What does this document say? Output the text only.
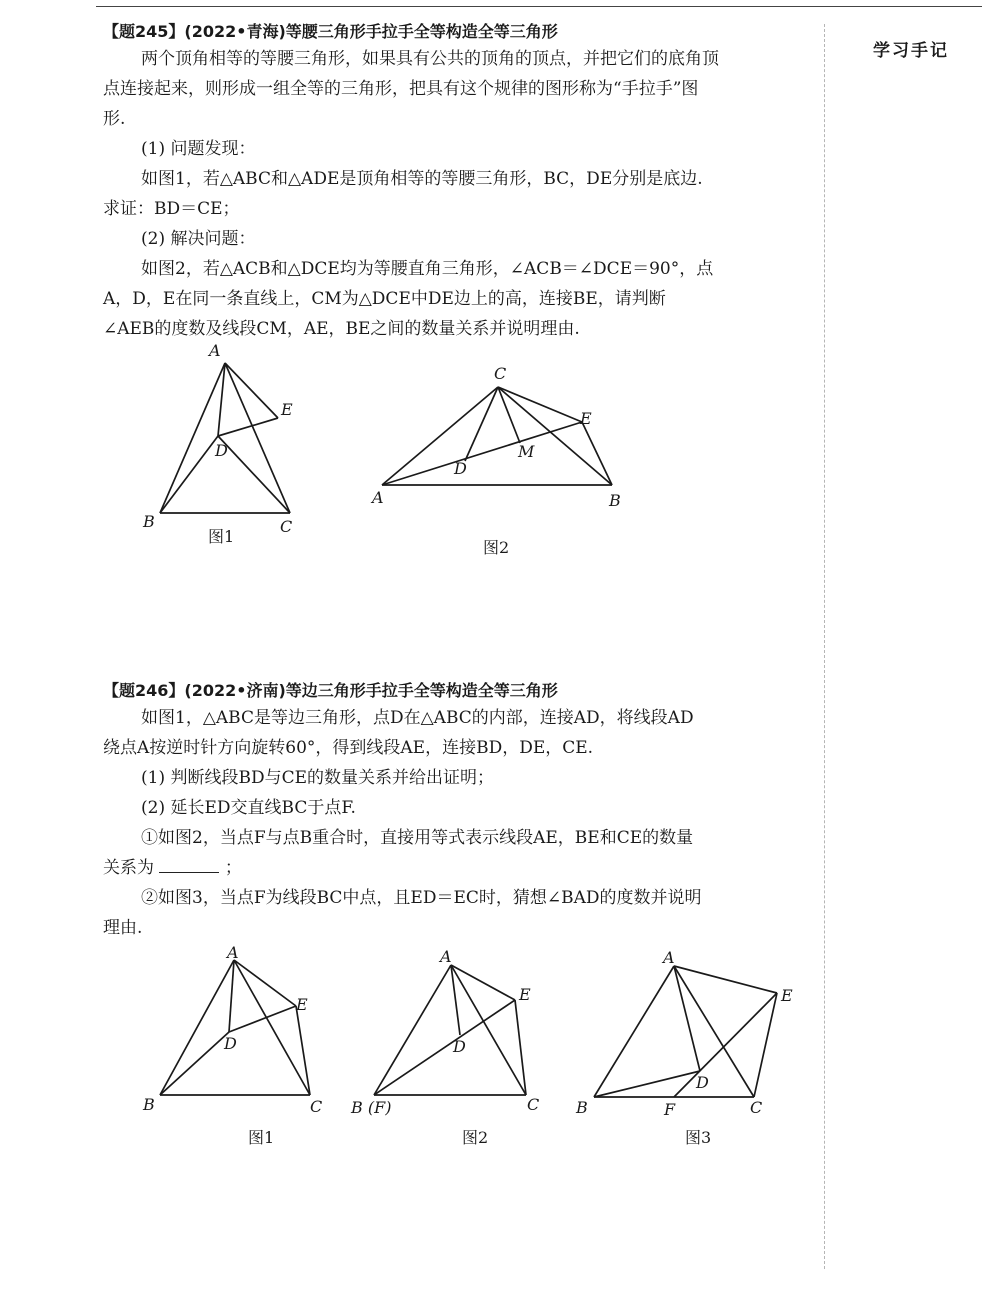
学习手记
【题245】(2022•青海)等腰三角形手拉手全等构造全等三角形
两个顶角相等的等腰三角形，如果具有公共的顶角的顶点，并把它们的底角顶
点连接起来，则形成一组全等的三角形，把具有这个规律的图形称为“手拉手”图
形.
(1) 问题发现：
如图1，若△ABC和△ADE是顶角相等的等腰三角形，BC，DE分别是底边.
求证：BD＝CE；
(2) 解决问题：
如图2，若△ACB和△DCE均为等腰直角三角形，∠ACB＝∠DCE＝90°，点
A，D，E在同一条直线上，CM为△DCE中DE边上的高，连接BE，请判断
∠AEB的度数及线段CM，AE，BE之间的数量关系并说明理由.
A
B	C
D
E
图1
A	B
C
D
E
M
图2
【题246】(2022•济南)等边三角形手拉手全等构造全等三角形
如图1，△ABC是等边三角形，点D在△ABC的内部，连接AD，将线段AD
绕点A按逆时针方向旋转60°，得到线段AE，连接BD，DE，CE.
(1) 判断线段BD与CE的数量关系并给出证明；
(2) 延长ED交直线BC于点F.
①如图2，当点F与点B重合时，直接用等式表示线段AE，BE和CE的数量
关系为	；
②如图3，当点F为线段BC中点，且ED＝EC时，猜想∠BAD的度数并说明
理由.
A
B	C
D
E
图1
A
B (F)	C
D
E
图2
A
B	C
D
E
F
图3
